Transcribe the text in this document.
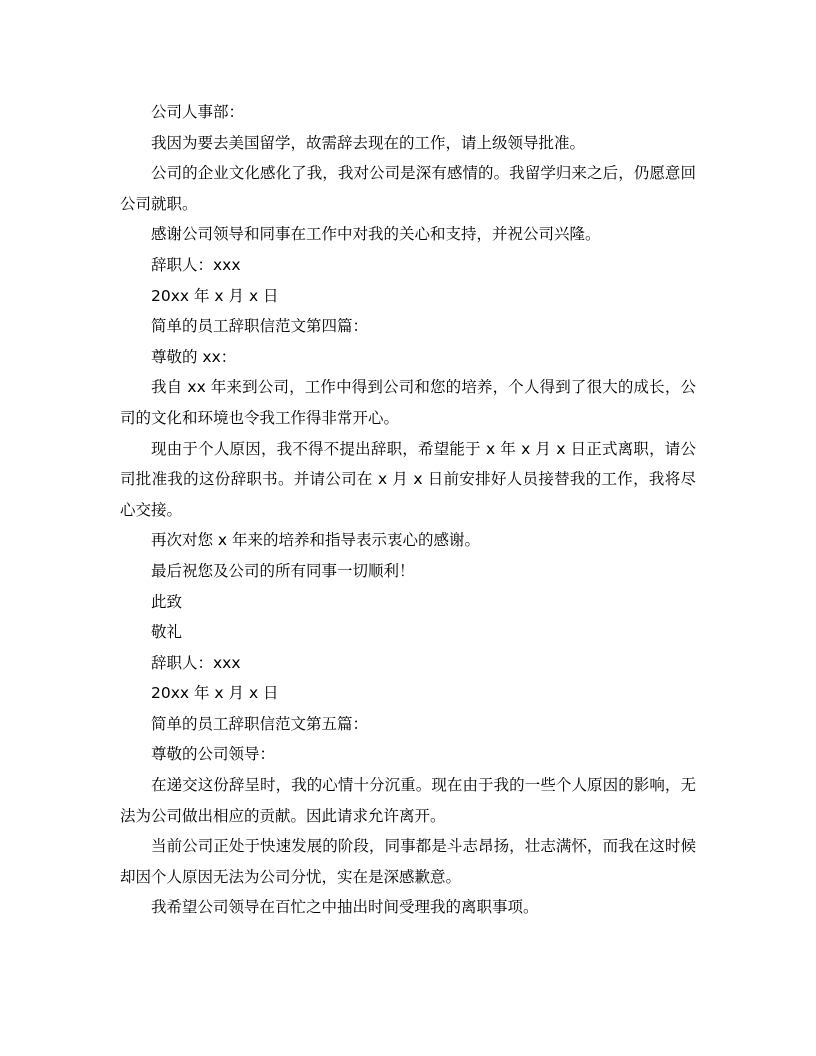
公司人事部：

我因为要去美国留学，故需辞去现在的工作，请上级领导批准。

公司的企业文化感化了我，我对公司是深有感情的。我留学归来之后，仍愿意回公司就职。

感谢公司领导和同事在工作中对我的关心和支持，并祝公司兴隆。

辞职人：xxx

20xx 年 x 月 x 日

简单的员工辞职信范文第四篇：

尊敬的 xx：

我自 xx 年来到公司，工作中得到公司和您的培养，个人得到了很大的成长，公司的文化和环境也令我工作得非常开心。

现由于个人原因，我不得不提出辞职，希望能于 x 年 x 月 x 日正式离职，请公司批准我的这份辞职书。并请公司在 x 月 x 日前安排好人员接替我的工作，我将尽心交接。

再次对您 x 年来的培养和指导表示衷心的感谢。

最后祝您及公司的所有同事一切顺利！

此致

敬礼

辞职人：xxx

20xx 年 x 月 x 日

简单的员工辞职信范文第五篇：

尊敬的公司领导：

在递交这份辞呈时，我的心情十分沉重。现在由于我的一些个人原因的影响，无法为公司做出相应的贡献。因此请求允许离开。

当前公司正处于快速发展的阶段，同事都是斗志昂扬，壮志满怀，而我在这时候却因个人原因无法为公司分忧，实在是深感歉意。

我希望公司领导在百忙之中抽出时间受理我的离职事项。
